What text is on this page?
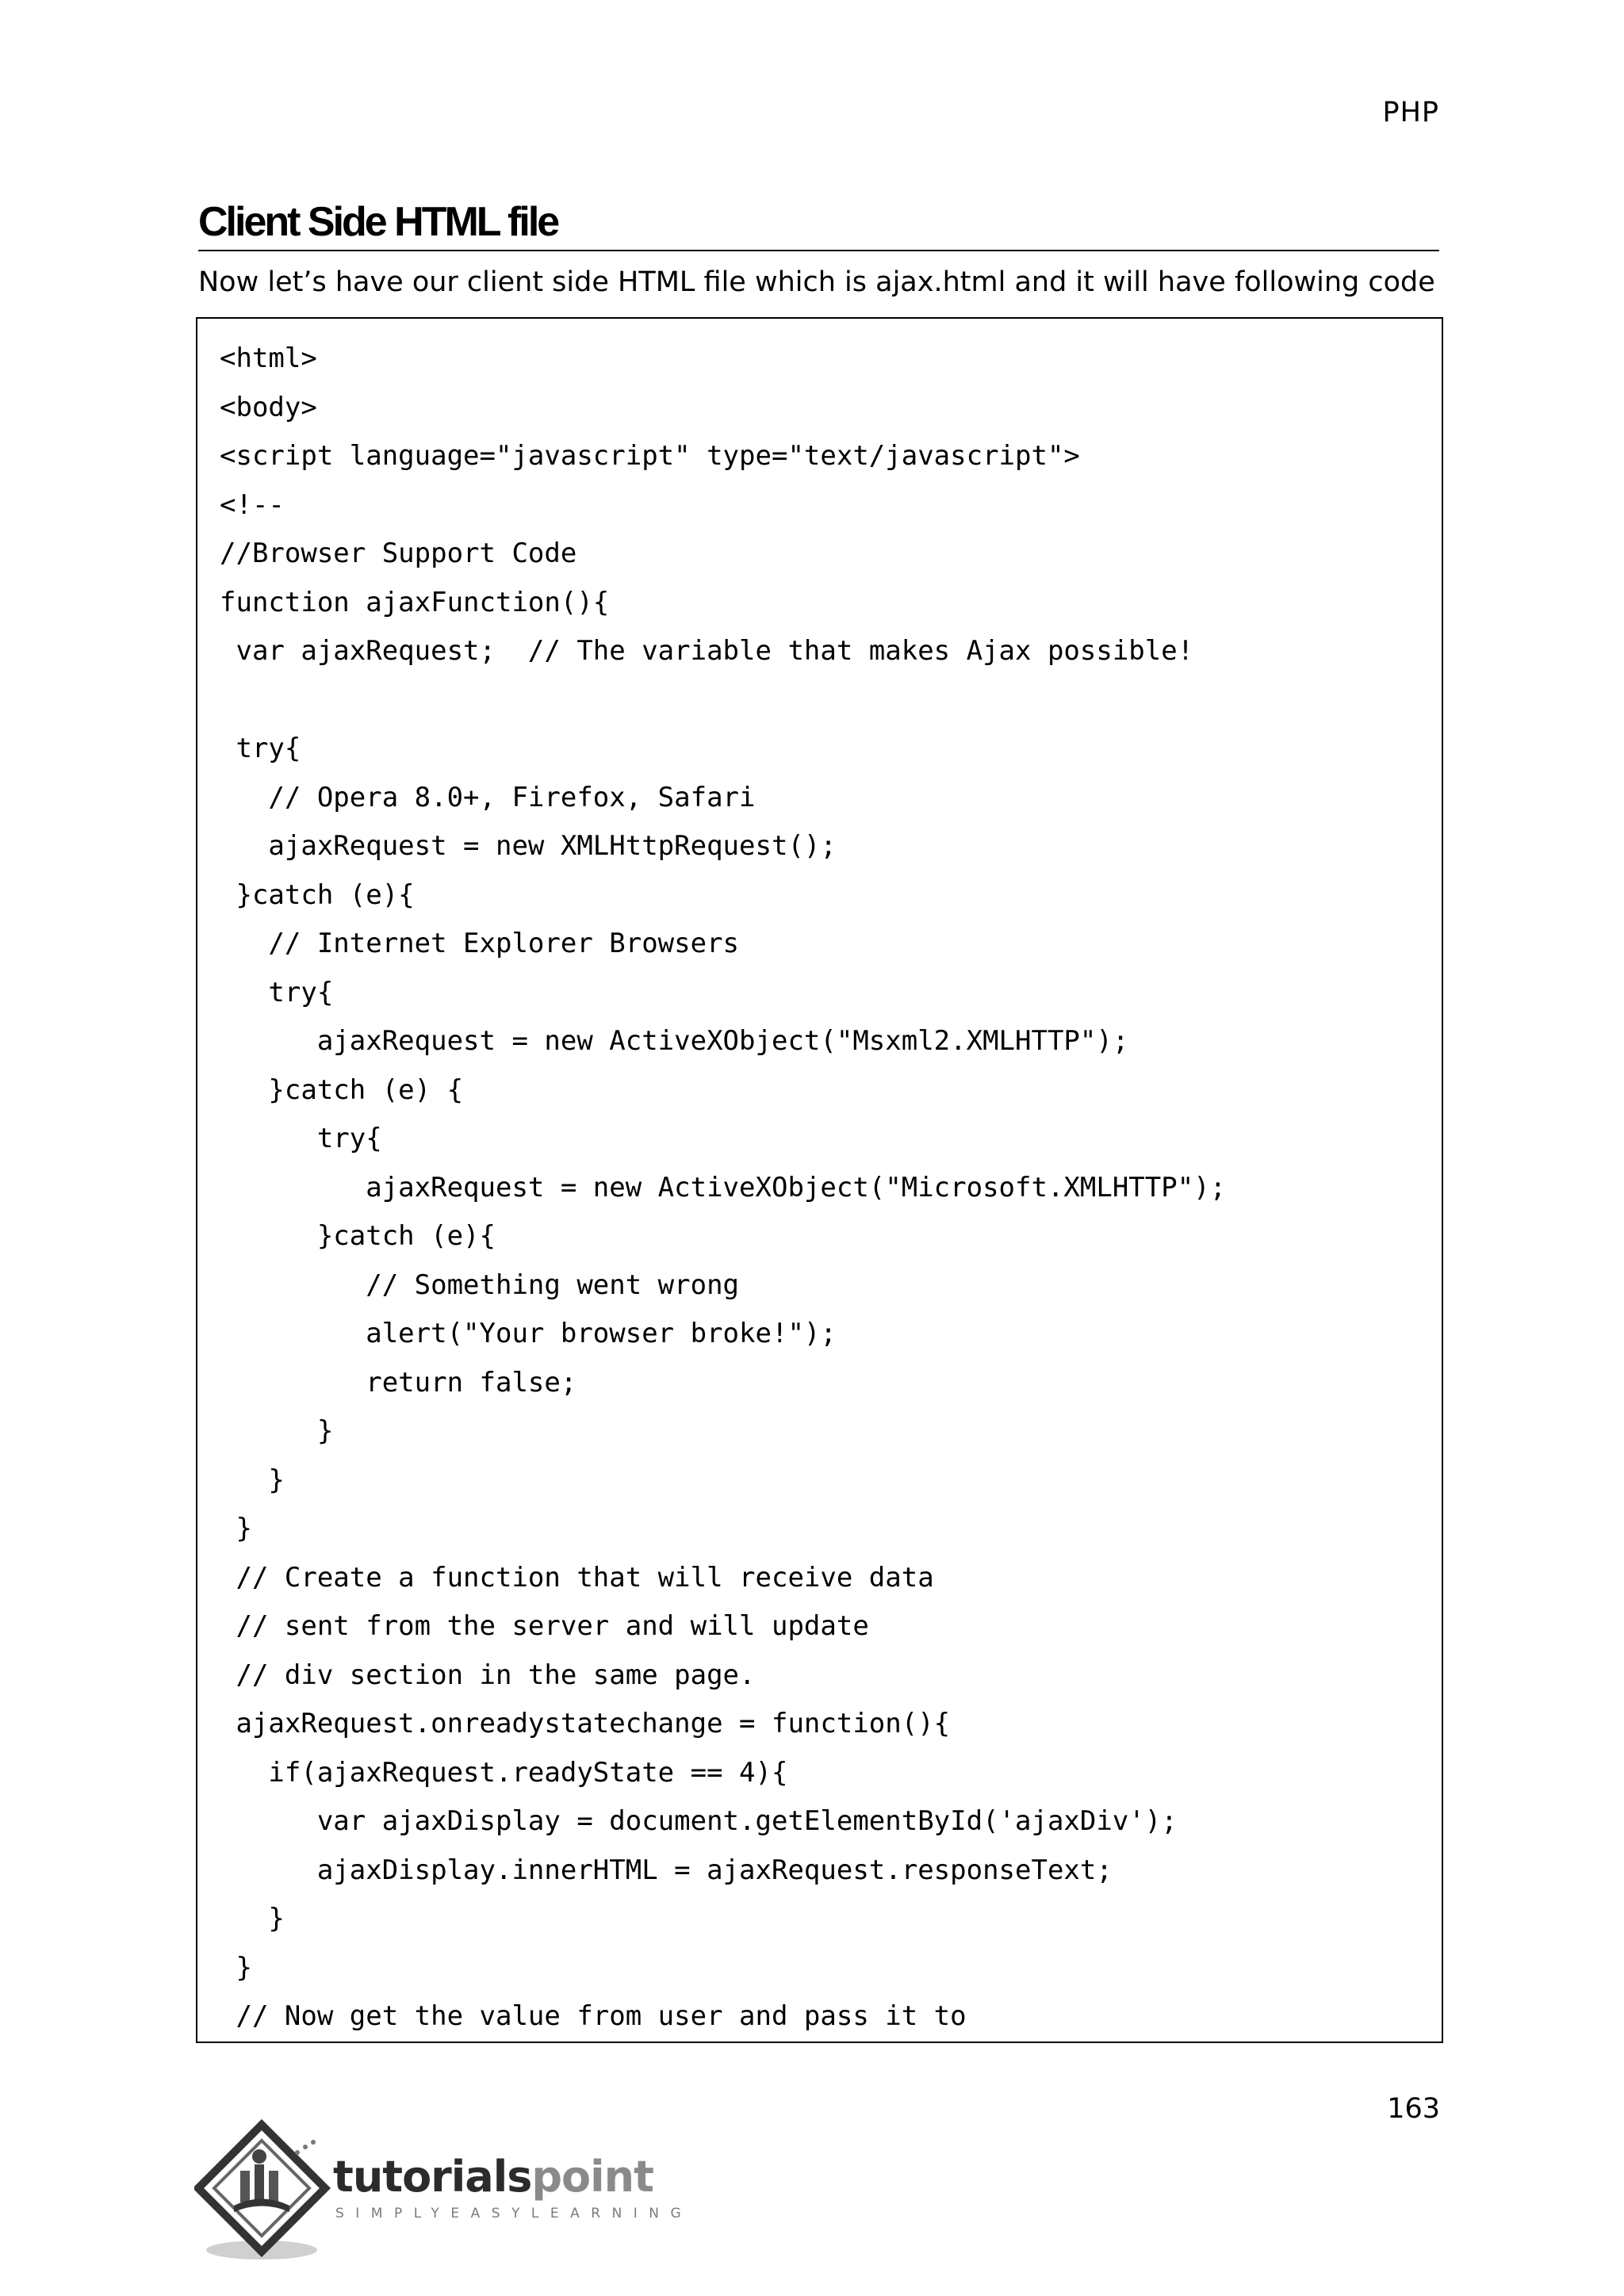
PHP
Client Side HTML file
Now let’s have our client side HTML file which is ajax.html and it will have following code
<html>
<body>
<script language="javascript" type="text/javascript">
<!--
//Browser Support Code
function ajaxFunction(){
var ajaxRequest;  // The variable that makes Ajax possible!
try{
// Opera 8.0+, Firefox, Safari
ajaxRequest = new XMLHttpRequest();
}catch (e){
// Internet Explorer Browsers
try{
ajaxRequest = new ActiveXObject("Msxml2.XMLHTTP");
}catch (e) {
try{
ajaxRequest = new ActiveXObject("Microsoft.XMLHTTP");
}catch (e){
// Something went wrong
alert("Your browser broke!");
return false;
}
}
}
// Create a function that will receive data
// sent from the server and will update
// div section in the same page.
ajaxRequest.onreadystatechange = function(){
if(ajaxRequest.readyState == 4){
var ajaxDisplay = document.getElementById('ajaxDiv');
ajaxDisplay.innerHTML = ajaxRequest.responseText;
}
}
// Now get the value from user and pass it to
163
tutorialspoint
SIMPLYEASYLEARNING
